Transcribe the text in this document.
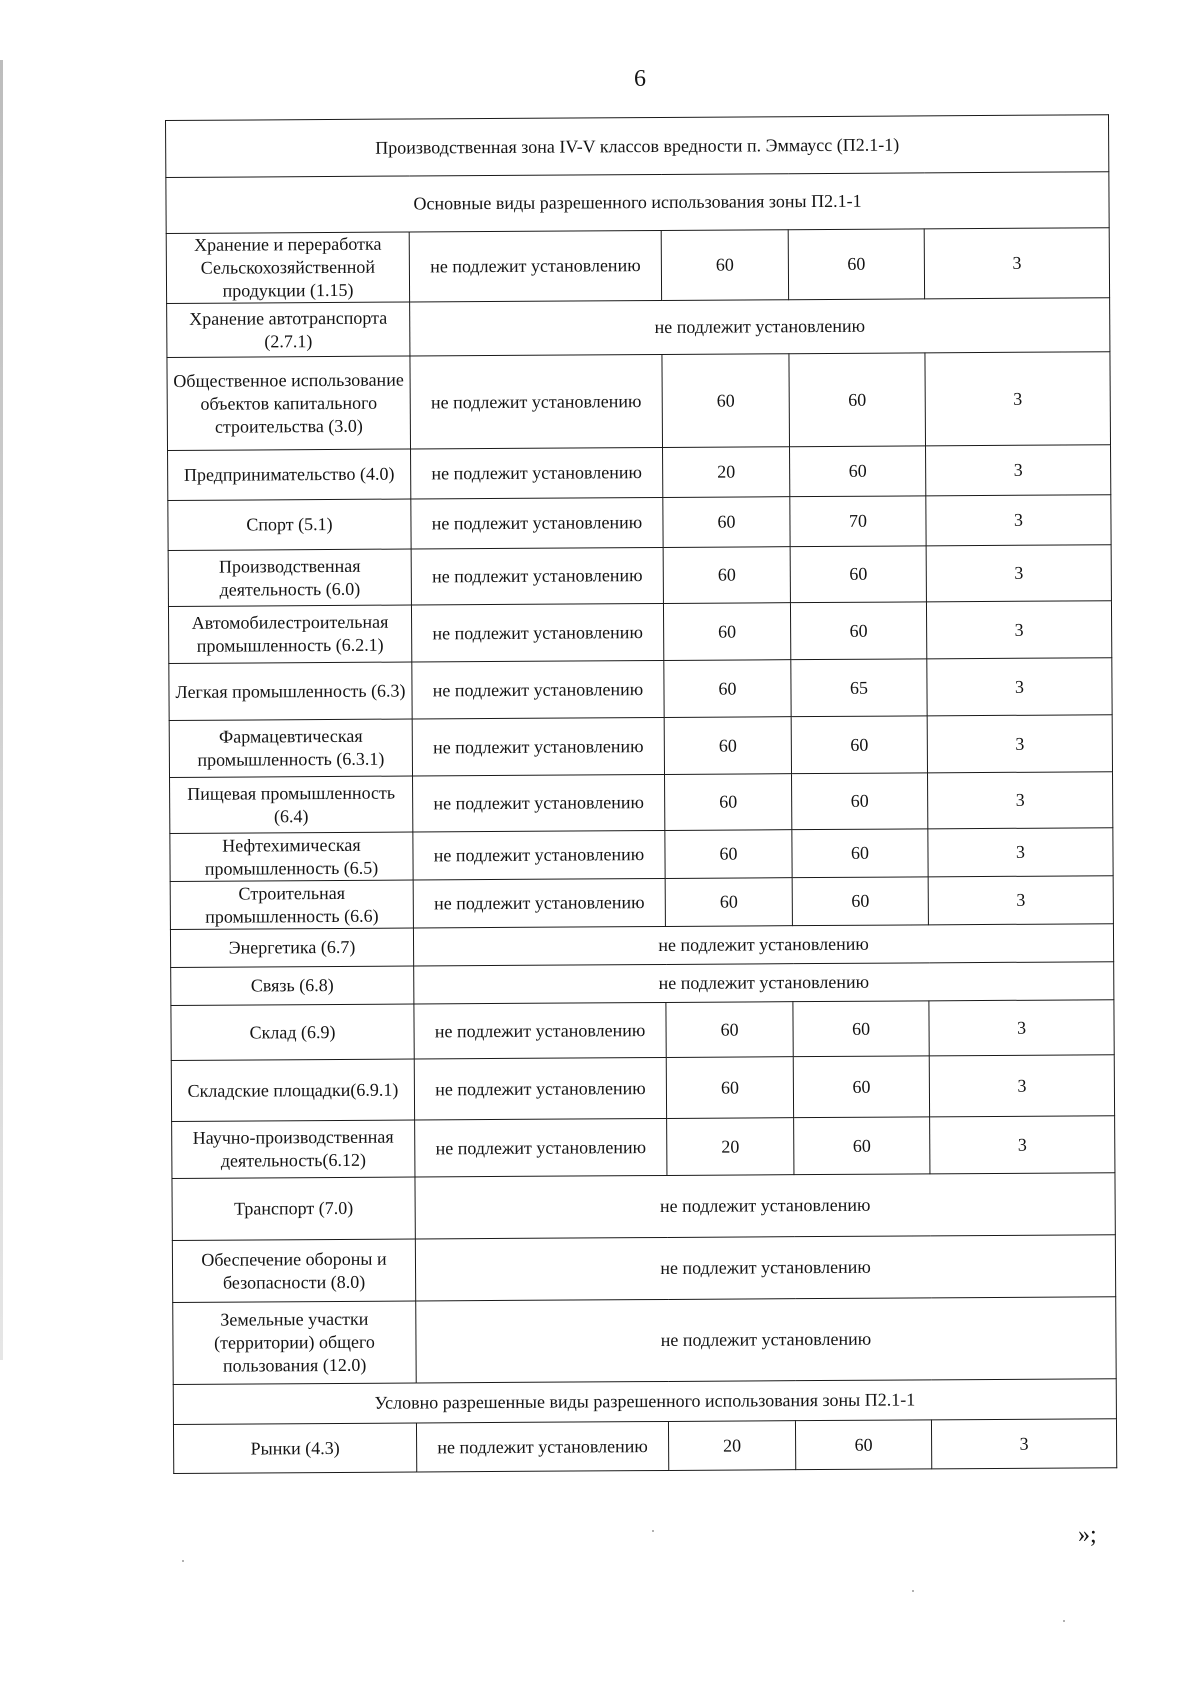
6
Производственная зона IV-V классов вредности п. Эммаусс (П2.1-1)				
Основные виды разрешенного использования зоны П2.1-1				
Хранение и переработка Сельскохозяйственной продукции (1.15)	не подлежит установлению	60	60	3
Хранение автотранспорта (2.7.1)	не подлежит установлению			
Общественное использование объектов капитального строительства (3.0)	не подлежит установлению	60	60	3
Предпринимательство (4.0)	не подлежит установлению	20	60	3
Спорт (5.1)	не подлежит установлению	60	70	3
Производственная деятельность (6.0)	не подлежит установлению	60	60	3
Автомобилестроительная промышленность (6.2.1)	не подлежит установлению	60	60	3
Легкая промышленность (6.3)	не подлежит установлению	60	65	3
Фармацевтическая промышленность (6.3.1)	не подлежит установлению	60	60	3
Пищевая промышленность (6.4)	не подлежит установлению	60	60	3
Нефтехимическая промышленность (6.5)	не подлежит установлению	60	60	3
Строительная промышленность (6.6)	не подлежит установлению	60	60	3
Энергетика (6.7)	не подлежит установлению			
Связь (6.8)	не подлежит установлению			
Склад (6.9)	не подлежит установлению	60	60	3
Складские площадки(6.9.1)	не подлежит установлению	60	60	3
Научно-производственная деятельность(6.12)	не подлежит установлению	20	60	3
Транспорт (7.0)	не подлежит установлению			
Обеспечение обороны и безопасности (8.0)	не подлежит установлению			
Земельные участки (территории) общего пользования (12.0)	не подлежит установлению			
Условно разрешенные виды разрешенного использования зоны П2.1-1				
Рынки (4.3)	не подлежит установлению	20	60	3
»;
